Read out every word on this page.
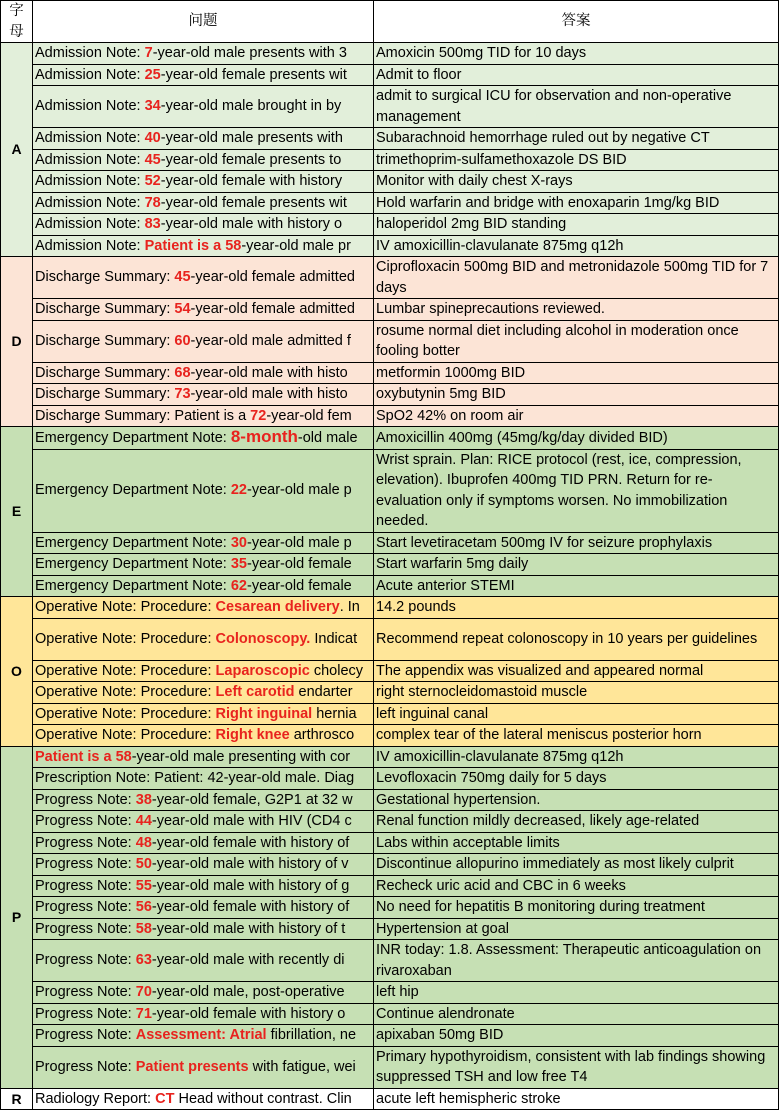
字母	问题	答案
A	Admission Note: 7-year-old male presents with 3	Amoxicin 500mg TID for 10 days
	Admission Note: 25-year-old female presents wit	Admit to floor
	Admission Note: 34-year-old male brought in by	admit to surgical ICU for observation and non-operative management
	Admission Note: 40-year-old male presents with	Subarachnoid hemorrhage ruled out by negative CT
	Admission Note: 45-year-old female presents to	trimethoprim-sulfamethoxazole DS BID
	Admission Note: 52-year-old female with history	Monitor with daily chest X-rays
	Admission Note: 78-year-old female presents wit	Hold warfarin and bridge with enoxaparin 1mg/kg BID
	Admission Note: 83-year-old male with history o	haloperidol 2mg BID standing
	Admission Note: Patient is a 58-year-old male pr	IV amoxicillin-clavulanate 875mg q12h
D	Discharge Summary: 45-year-old female admitted	Ciprofloxacin 500mg BID and metronidazole 500mg TID for 7 days
	Discharge Summary: 54-year-old female admitted	Lumbar spineprecautions reviewed.
	Discharge Summary: 60-year-old male admitted f	rosume normal diet including alcohol in moderation once fooling botter
	Discharge Summary: 68-year-old male with histo	metformin 1000mg BID
	Discharge Summary: 73-year-old male with histo	oxybutynin 5mg BID
	Discharge Summary: Patient is a 72-year-old fem	SpO2 42% on room air
E	Emergency Department Note: 8-month-old male	Amoxicillin 400mg (45mg/kg/day divided BID)
	Emergency Department Note: 22-year-old male p	Wrist sprain. Plan: RICE protocol (rest, ice, compression, elevation). Ibuprofen 400mg TID PRN. Return for re-evaluation only if symptoms worsen. No immobilization needed.
	Emergency Department Note: 30-year-old male p	Start levetiracetam 500mg IV for seizure prophylaxis
	Emergency Department Note: 35-year-old female	Start warfarin 5mg daily
	Emergency Department Note: 62-year-old female	Acute anterior STEMI
O	Operative Note: Procedure: Cesarean delivery. In	14.2 pounds
	Operative Note: Procedure: Colonoscopy. Indicat	Recommend repeat colonoscopy in 10 years per guidelines
	Operative Note: Procedure: Laparoscopic cholecy	The appendix was visualized and appeared normal
	Operative Note: Procedure: Left carotid endarter	right sternocleidomastoid muscle
	Operative Note: Procedure: Right inguinal hernia	left inguinal canal
	Operative Note: Procedure: Right knee arthrosco	complex tear of the lateral meniscus posterior horn
P	Patient is a 58-year-old male presenting with cor	IV amoxicillin-clavulanate 875mg q12h
	Prescription Note: Patient: 42-year-old male. Diag	Levofloxacin 750mg daily for 5 days
	Progress Note: 38-year-old female, G2P1 at 32 w	Gestational hypertension.
	Progress Note: 44-year-old male with HIV (CD4 c	Renal function mildly decreased, likely age-related
	Progress Note: 48-year-old female with history of	Labs within acceptable limits
	Progress Note: 50-year-old male with history of v	Discontinue allopurino immediately as most likely culprit
	Progress Note: 55-year-old male with history of g	Recheck uric acid and CBC in 6 weeks
	Progress Note: 56-year-old female with history of	No need for hepatitis B monitoring during treatment
	Progress Note: 58-year-old male with history of t	Hypertension at goal
	Progress Note: 63-year-old male with recently di	INR today: 1.8. Assessment: Therapeutic anticoagulation on rivaroxaban
	Progress Note: 70-year-old male, post-operative	left hip
	Progress Note: 71-year-old female with history o	Continue alendronate
	Progress Note: Assessment: Atrial fibrillation, ne	apixaban 50mg BID
	Progress Note: Patient presents with fatigue, wei	Primary hypothyroidism, consistent with lab findings showing suppressed TSH and low free T4
R	Radiology Report: CT Head without contrast. Clin	acute left hemispheric stroke
